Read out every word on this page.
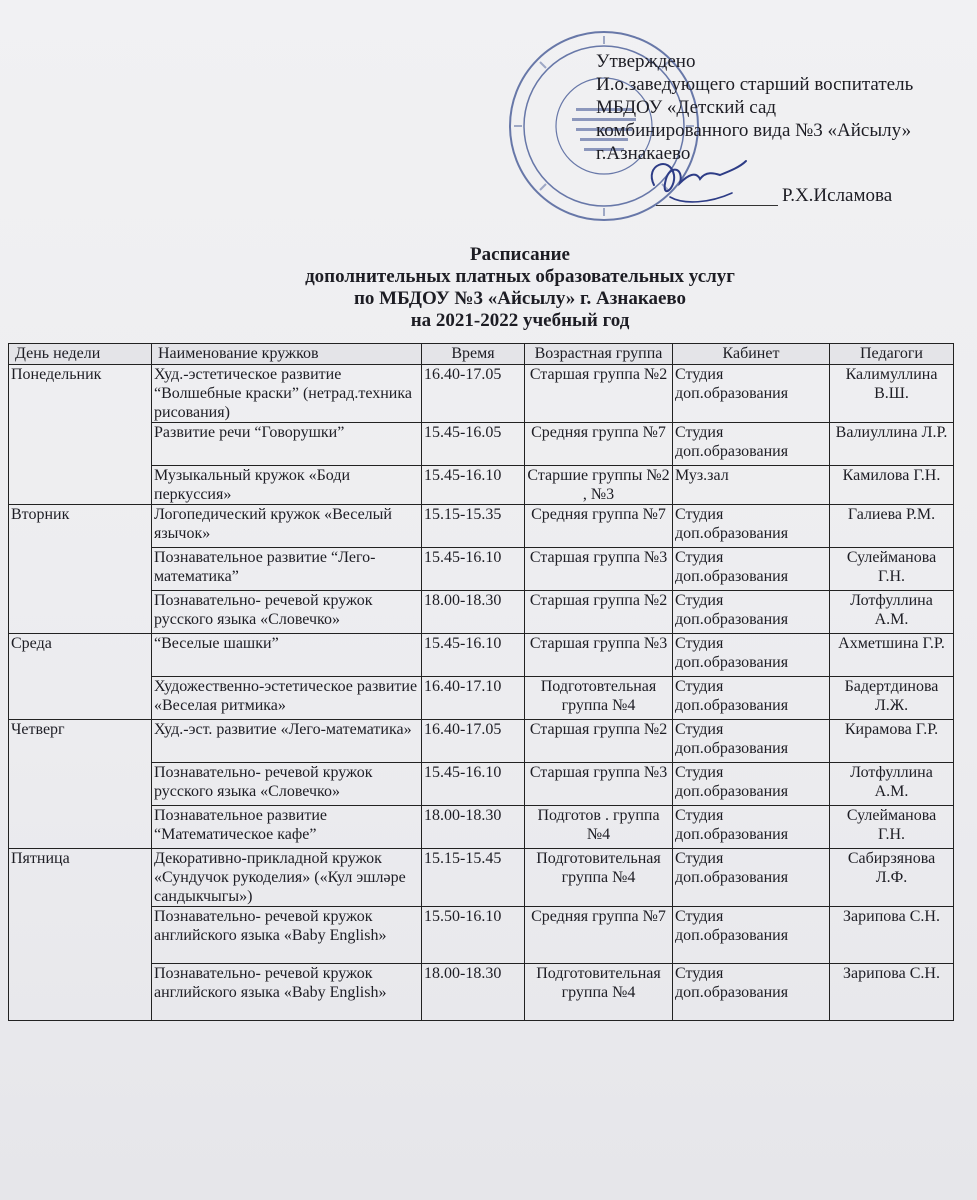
Утверждено
И.о.заведующего старший воспитатель
МБДОУ «Детский сад
комбинированного вида №3 «Айсылу»
г.Азнакаево
Р.Х.Исламова
Расписание
дополнительных платных образовательных услуг
по МБДОУ №3 «Айсылу» г. Азнакаево
на 2021-2022 учебный год
День недели	Наименование кружков	Время	Возрастная группа	Кабинет	Педагоги
Понедельник	Худ.-эстетическое развитие “Волшебные краски” (нетрад.техника рисования)	16.40-17.05	Старшая группа №2	Студия доп.образования	Калимуллина В.Ш.
	Развитие речи “Говорушки”	15.45-16.05	Средняя группа №7	Студия доп.образования	Валиуллина Л.Р.
	Музыкальный кружок «Боди перкуссия»	15.45-16.10	Старшие группы №2 , №3	Муз.зал	Камилова Г.Н.
Вторник	Логопедический кружок «Веселый язычок»	15.15-15.35	Средняя группа №7	Студия доп.образования	Галиева Р.М.
	Познавательное развитие “Лего-математика”	15.45-16.10	Старшая группа №3	Студия доп.образования	Сулейманова Г.Н.
	Познавательно- речевой кружок русского языка «Словечко»	18.00-18.30	Старшая группа №2	Студия доп.образования	Лотфуллина А.М.
Среда	“Веселые шашки”	15.45-16.10	Старшая группа №3	Студия доп.образования	Ахметшина Г.Р.
	Художественно-эстетическое развитие «Веселая ритмика»	16.40-17.10	Подготовтельная группа №4	Студия доп.образования	Бадертдинова Л.Ж.
Четверг	Худ.-эст. развитие «Лего-математика»	16.40-17.05	Старшая группа №2	Студия доп.образования	Кирамова Г.Р.
	Познавательно- речевой кружок русского языка «Словечко»	15.45-16.10	Старшая группа №3	Студия доп.образования	Лотфуллина А.М.
	Познавательное развитие “Математическое кафе”	18.00-18.30	Подготов . группа №4	Студия доп.образования	Сулейманова Г.Н.
Пятница	Декоративно-прикладной кружок «Сундучок рукоделия» («Кул эшләре сандыкчыгы»)	15.15-15.45	Подготовительная группа №4	Студия доп.образования	Сабирзянова Л.Ф.
	Познавательно- речевой кружок английского языка «Baby English»	15.50-16.10	Средняя группа №7	Студия доп.образования	Зарипова С.Н.
	Познавательно- речевой кружок английского языка «Baby English»	18.00-18.30	Подготовительная группа №4	Студия доп.образования	Зарипова С.Н.
